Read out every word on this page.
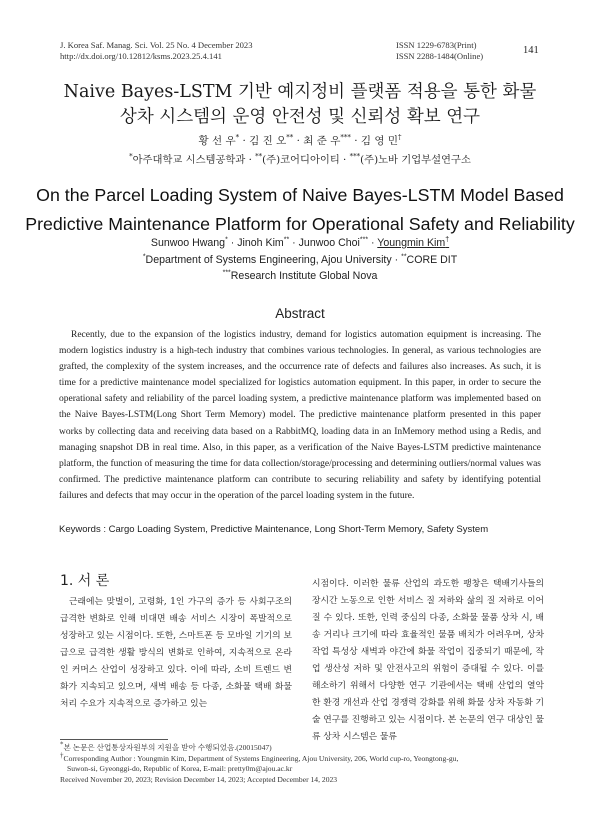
J. Korea Saf. Manag. Sci. Vol. 25 No. 4 December 2023
http://dx.doi.org/10.12812/ksms.2023.25.4.141
ISSN 1229-6783(Print)
ISSN 2288-1484(Online)	141
Naive Bayes-LSTM 기반 예지정비 플랫폼 적용을 통한 화물
상차 시스템의 운영 안전성 및 신뢰성 확보 연구
황 선 우* · 김 진 오** · 최 준 우*** · 김 영 민†
*아주대학교 시스템공학과 · **(주)코어디아이티 · ***(주)노바 기업부설연구소
On the Parcel Loading System of Naive Bayes-LSTM Model Based
Predictive Maintenance Platform for Operational Safety and Reliability
Sunwoo Hwang* · Jinoh Kim** · Junwoo Choi*** · Youngmin Kim†
*Department of Systems Engineering, Ajou University · **CORE DIT
***Research Institute Global Nova
Abstract
Recently, due to the expansion of the logistics industry, demand for logistics automation equipment is increasing. The modern logistics industry is a high-tech industry that combines various technologies. In general, as various technologies are grafted, the complexity of the system increases, and the occurrence rate of defects and failures also increases. As such, it is time for a predictive maintenance model specialized for logistics automation equipment. In this paper, in order to secure the operational safety and reliability of the parcel loading system, a predictive maintenance platform was implemented based on the Naive Bayes-LSTM(Long Short Term Memory) model. The predictive maintenance platform presented in this paper works by collecting data and receiving data based on a RabbitMQ, loading data in an InMemory method using a Redis, and managing snapshot DB in real time. Also, in this paper, as a verification of the Naive Bayes-LSTM predictive maintenance platform, the function of measuring the time for data collection/storage/processing and determining outliers/normal values was confirmed. The predictive maintenance platform can contribute to securing reliability and safety by identifying potential failures and defects that may occur in the operation of the parcel loading system in the future.
Keywords : Cargo Loading System, Predictive Maintenance, Long Short-Term Memory, Safety System
1. 서 론
근래에는 맞벌이, 고령화, 1인 가구의 증가 등 사회구조의 급격한 변화로 인해 비대면 배송 서비스 시장이 폭발적으로 성장하고 있는 시점이다. 또한, 스마트폰 등 모바일 기기의 보급으로 급격한 생활 방식의 변화로 인하여, 지속적으로 온라인 커머스 산업이 성장하고 있다. 이에 따라, 소비 트렌드 변화가 지속되고 있으며, 새벽 배송 등 다종, 소화물 택배 화물 처리 수요가 지속적으로 증가하고 있는
시점이다. 이러한 물류 산업의 과도한 팽창은 택배기사들의 장시간 노동으로 인한 서비스 질 저하와 삶의 질 저하로 이어질 수 있다. 또한, 인력 중심의 다종, 소화물 물품 상차 시, 배송 거리나 크기에 따라 효율적인 물품 배치가 어려우며, 상차작업 특성상 새벽과 야간에 화물 작업이 집중되기 때문에, 작업 생산성 저하 및 안전사고의 위험이 증대될 수 있다. 이를 해소하기 위해서 다양한 연구 기관에서는 택배 산업의 열악한 환경 개선과 산업 경쟁력 강화를 위해 화물 상차 자동화 기술 연구를 진행하고 있는 시점이다. 본 논문의 연구 대상인 물류 상차 시스템은 물류
*본 논문은 산업통상자원부의 지원을 받아 수행되었음.(20015047)
†Corresponding Author : Youngmin Kim, Department of Systems Engineering, Ajou University, 206, World cup-ro, Yeongtong-gu,
Suwon-si, Gyeonggi-do, Republic of Korea, E-mail: pretty0m@ajou.ac.kr
Received November 20, 2023; Revision December 14, 2023; Accepted December 14, 2023
